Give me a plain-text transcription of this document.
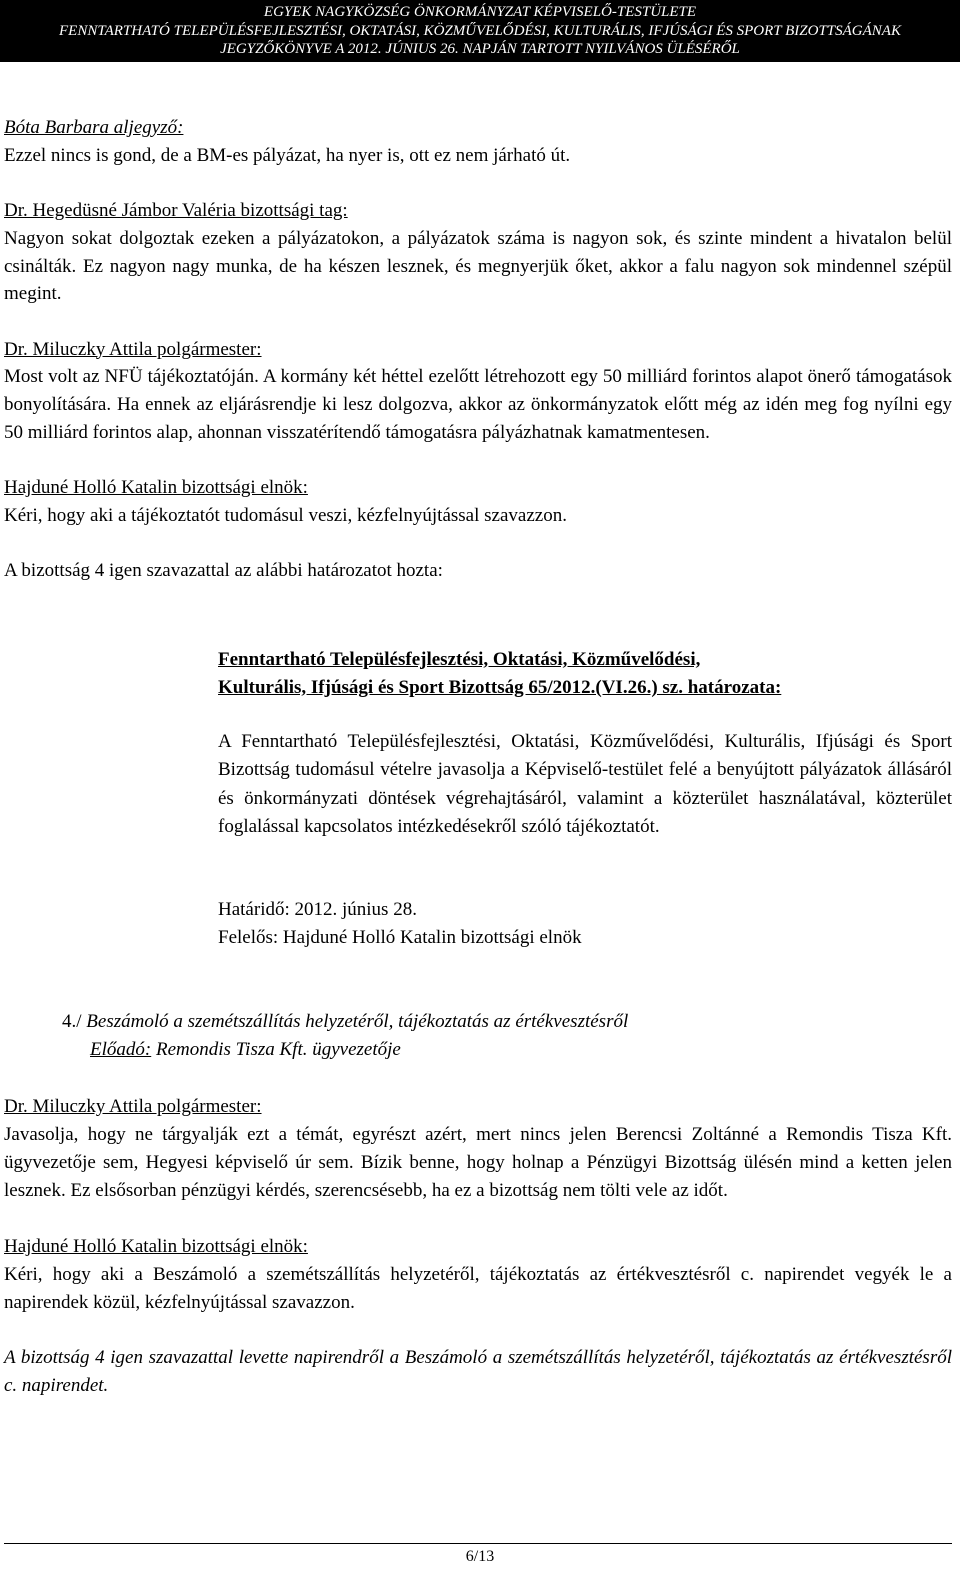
EGYEK NAGYKÖZSÉG ÖNKORMÁNYZAT KÉPVISELŐ-TESTÜLETE
FENNTARTHATÓ TELEPÜLÉSFEJLESZTÉSI, OKTATÁSI, KÖZMŰVELŐDÉSI, KULTURÁLIS, IFJÚSÁGI ÉS SPORT BIZOTTSÁGÁNAK
JEGYZŐKÖNYVE A 2012. JÚNIUS 26. NAPJÁN TARTOTT NYILVÁNOS ÜLÉSÉRŐL

Bóta Barbara aljegyző:

Ezzel nincs is gond, de a BM-es pályázat, ha nyer is, ott ez nem járható út.

Dr. Hegedüsné Jámbor Valéria bizottsági tag:

Nagyon sokat dolgoztak ezeken a pályázatokon, a pályázatok száma is nagyon sok, és szinte mindent a hivatalon belül csinálták. Ez nagyon nagy munka, de ha készen lesznek, és megnyerjük őket, akkor a falu nagyon sok mindennel szépül megint.

Dr. Miluczky Attila polgármester:

Most volt az NFÜ tájékoztatóján. A kormány két héttel ezelőtt létrehozott egy 50 milliárd forintos alapot önerő támogatások bonyolítására. Ha ennek az eljárásrendje ki lesz dolgozva, akkor az önkormányzatok előtt még az idén meg fog nyílni egy 50 milliárd forintos alap, ahonnan visszatérítendő támogatásra pályázhatnak kamatmentesen.

Hajduné Holló Katalin bizottsági elnök:

Kéri, hogy aki a tájékoztatót tudomásul veszi, kézfelnyújtással szavazzon.

A bizottság 4 igen szavazattal az alábbi határozatot hozta:

Fenntartható Településfejlesztési, Oktatási, Közművelődési,
Kulturális, Ifjúsági és Sport Bizottság 65/2012.(VI.26.) sz. határozata:
A Fenntartható Településfejlesztési, Oktatási, Közművelődési, Kulturális, Ifjúsági és Sport Bizottság tudomásul vételre javasolja a Képviselő-testület felé a benyújtott pályázatok állásáról és önkormányzati döntések végrehajtásáról, valamint a közterület használatával, közterület foglalással kapcsolatos intézkedésekről szóló tájékoztatót.
Határidő: 2012. június 28.
Felelős: Hajduné Holló Katalin bizottsági elnök
4./ Beszámoló a szemétszállítás helyzetéről, tájékoztatás az értékvesztésről
Előadó: Remondis Tisza Kft. ügyvezetője

Dr. Miluczky Attila polgármester:

Javasolja, hogy ne tárgyalják ezt a témát, egyrészt azért, mert nincs jelen Berencsi Zoltánné a Remondis Tisza Kft. ügyvezetője sem, Hegyesi képviselő úr sem. Bízik benne, hogy holnap a Pénzügyi Bizottság ülésén mind a ketten jelen lesznek. Ez elsősorban pénzügyi kérdés, szerencsésebb, ha ez a bizottság nem tölti vele az időt.

Hajduné Holló Katalin bizottsági elnök:

Kéri, hogy aki a Beszámoló a szemétszállítás helyzetéről, tájékoztatás az értékvesztésről c. napirendet vegyék le a napirendek közül, kézfelnyújtással szavazzon.

A bizottság 4 igen szavazattal levette napirendről a Beszámoló a szemétszállítás helyzetéről, tájékoztatás az értékvesztésről c. napirendet.

6/13
